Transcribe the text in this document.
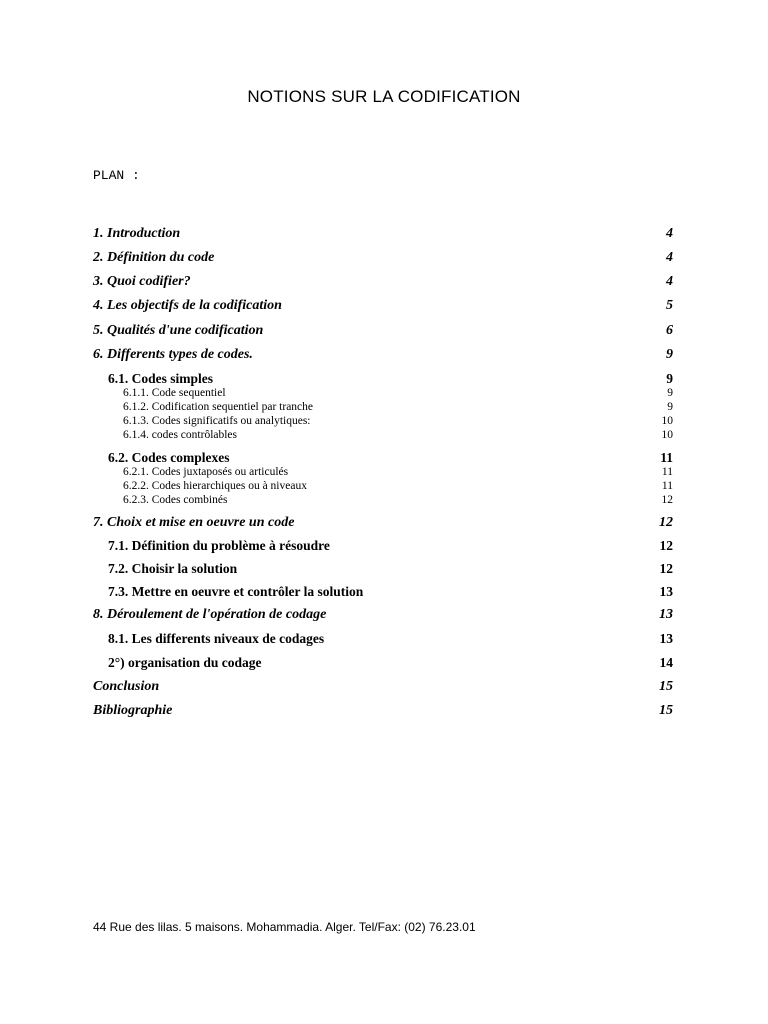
NOTIONS SUR LA CODIFICATION
PLAN :
1. Introduction	4
2. Définition du code	4
3. Quoi codifier?	4
4. Les objectifs de la codification	5
5. Qualités d'une codification	6
6. Differents types de codes.	9
6.1. Codes simples	9
6.1.1. Code sequentiel	9
6.1.2. Codification sequentiel par tranche	9
6.1.3. Codes significatifs ou analytiques:	10
6.1.4. codes contrôlables	10
6.2. Codes complexes	11
6.2.1. Codes juxtaposés ou articulés	11
6.2.2. Codes hierarchiques ou à niveaux	11
6.2.3. Codes combinés	12
7. Choix et mise en oeuvre un code	12
7.1. Définition du problème à résoudre	12
7.2. Choisir la solution	12
7.3. Mettre en oeuvre et contrôler la solution	13
8. Déroulement de l'opération de codage	13
8.1. Les differents niveaux de codages	13
2°) organisation du codage	14
Conclusion	15
Bibliographie	15
44 Rue des lilas. 5 maisons. Mohammadia. Alger. Tel/Fax: (02) 76.23.01
